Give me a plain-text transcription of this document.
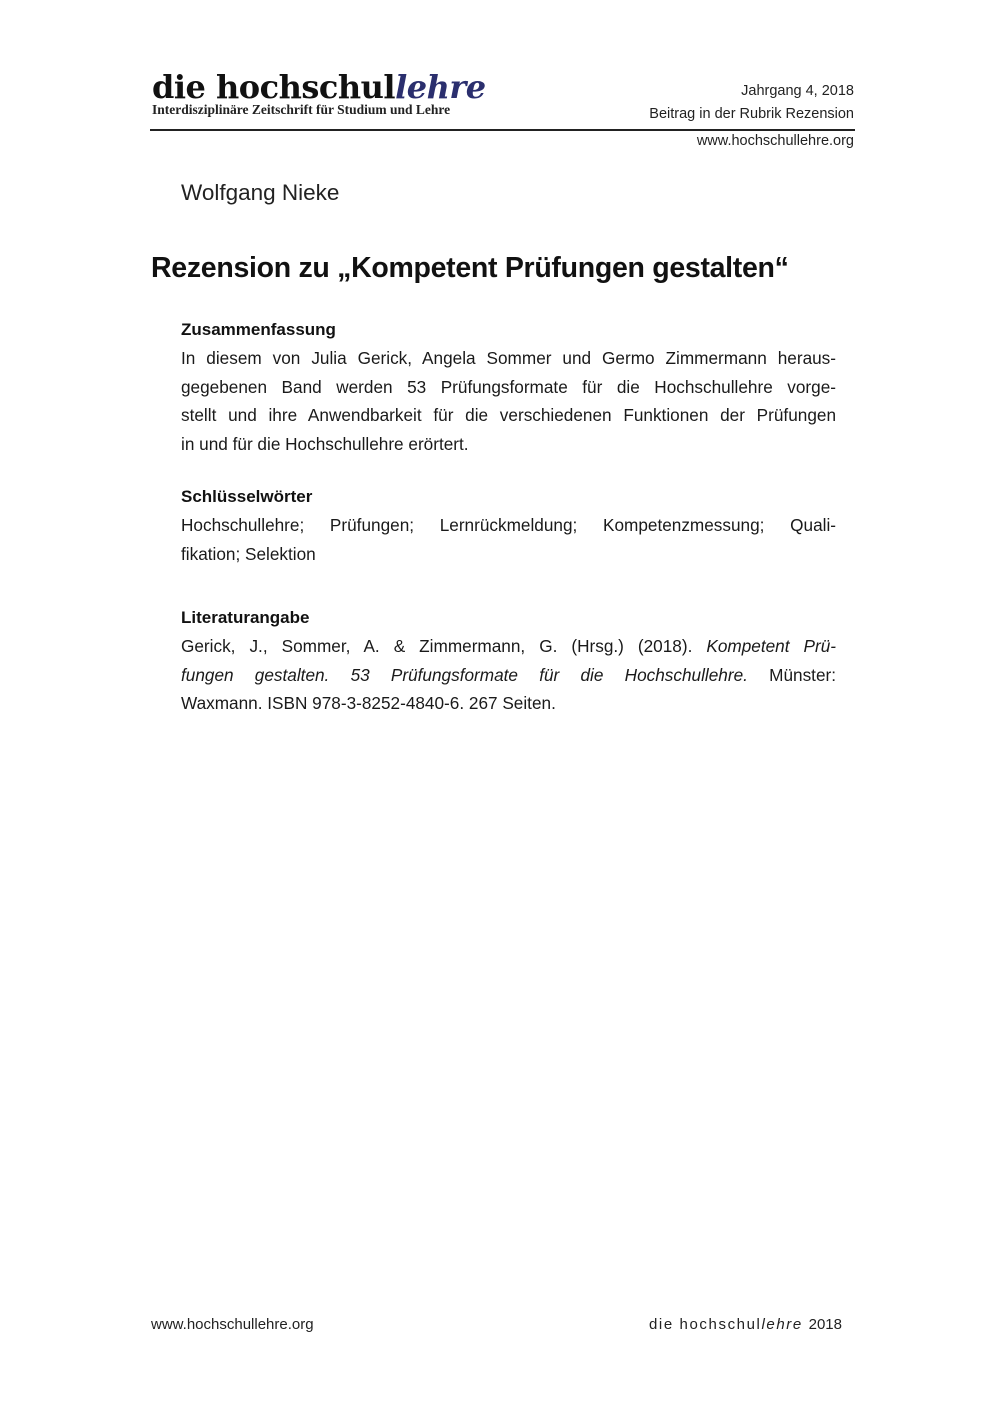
die hochschullehre
Interdisziplinäre Zeitschrift für Studium und Lehre
Jahrgang 4, 2018
Beitrag in der Rubrik Rezension
www.hochschullehre.org
Wolfgang Nieke
Rezension zu „Kompetent Prüfungen gestalten“
Zusammenfassung
In diesem von Julia Gerick, Angela Sommer und Germo Zimmermann heraus-
gegebenen Band werden 53 Prüfungsformate für die Hochschullehre vorge-
stellt und ihre Anwendbarkeit für die verschiedenen Funktionen der Prüfungen
in und für die Hochschullehre erörtert.
Schlüsselwörter
Hochschullehre; Prüfungen; Lernrückmeldung; Kompetenzmessung; Quali-
fikation; Selektion
Literaturangabe
Gerick, J., Sommer, A. & Zimmermann, G. (Hrsg.) (2018). Kompetent Prü-
fungen gestalten. 53 Prüfungsformate für die Hochschullehre. Münster:
Waxmann. ISBN 978-3-8252-4840-6. 267 Seiten.
www.hochschullehre.org	die hochschullehre 2018
